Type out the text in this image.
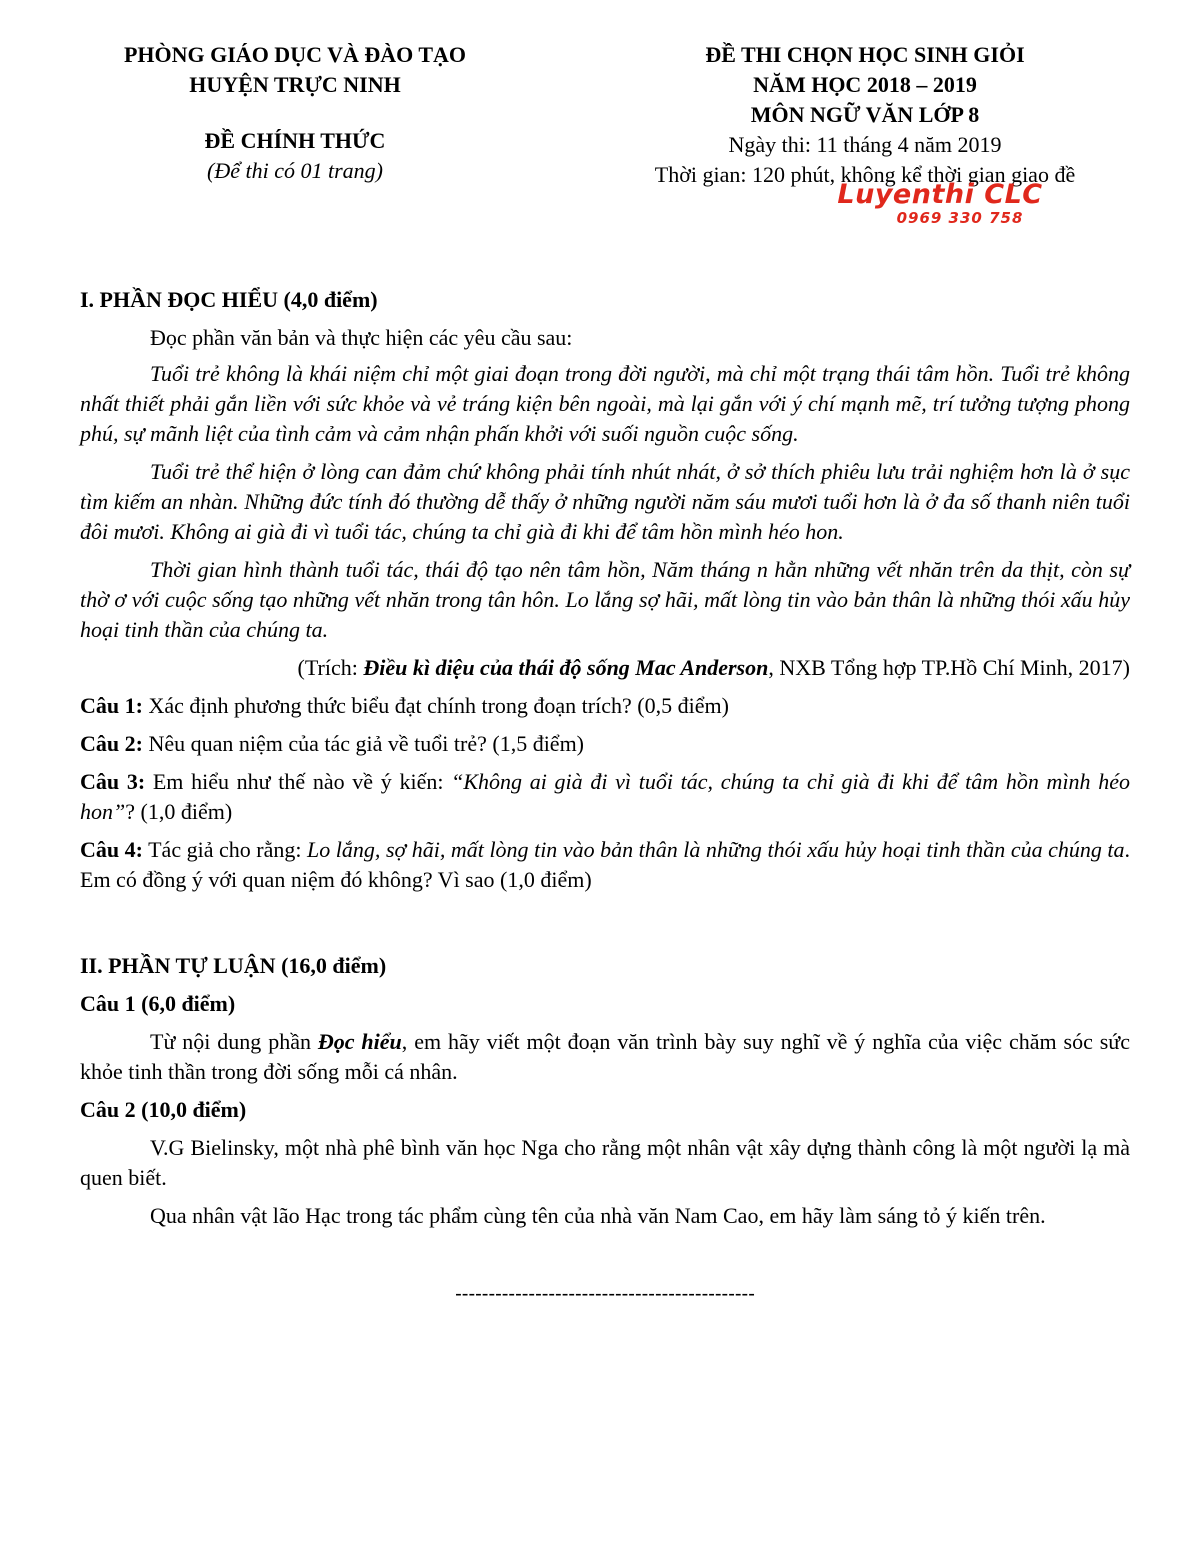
PHÒNG GIÁO DỤC VÀ ĐÀO TẠO
HUYỆN TRỰC NINH
ĐỀ CHÍNH THỨC
(Để thi có 01 trang)
ĐỀ THI CHỌN HỌC SINH GIỎI
NĂM HỌC 2018 – 2019
MÔN NGỮ VĂN LỚP 8
Ngày thi: 11 tháng 4 năm 2019
Thời gian: 120 phút, không kể thời gian giao đề
Luyenthi CLC
0969 330 758
I. PHẦN ĐỌC HIỂU (4,0 điểm)

Đọc phần văn bản và thực hiện các yêu cầu sau:

Tuổi trẻ không là khái niệm chỉ một giai đoạn trong đời người, mà chỉ một trạng thái tâm hồn. Tuổi trẻ không nhất thiết phải gắn liền với sức khỏe và vẻ tráng kiện bên ngoài, mà lại gắn với ý chí mạnh mẽ, trí tưởng tượng phong phú, sự mãnh liệt của tình cảm và cảm nhận phấn khởi với suối nguồn cuộc sống.

Tuổi trẻ thể hiện ở lòng can đảm chứ không phải tính nhút nhát, ở sở thích phiêu lưu trải nghiệm hơn là ở sục tìm kiếm an nhàn. Những đức tính đó thường dễ thấy ở những người năm sáu mươi tuổi hơn là ở đa số thanh niên tuổi đôi mươi. Không ai già đi vì tuổi tác, chúng ta chỉ già đi khi để tâm hồn mình héo hon.

Thời gian hình thành tuổi tác, thái độ tạo nên tâm hồn, Năm tháng n hằn những vết nhăn trên da thịt, còn sự thờ ơ với cuộc sống tạo những vết nhăn trong tân hôn. Lo lắng sợ hãi, mất lòng tin vào bản thân là những thói xấu hủy hoại tinh thần của chúng ta.

(Trích: Điều kì diệu của thái độ sống Mac Anderson, NXB Tổng hợp TP.Hồ Chí Minh, 2017)

Câu 1: Xác định phương thức biểu đạt chính trong đoạn trích? (0,5 điểm)

Câu 2: Nêu quan niệm của tác giả về tuổi trẻ? (1,5 điểm)

Câu 3: Em hiểu như thế nào về ý kiến: “Không ai già đi vì tuổi tác, chúng ta chỉ già đi khi để tâm hồn mình héo hon”? (1,0 điểm)

Câu 4: Tác giả cho rằng: Lo lắng, sợ hãi, mất lòng tin vào bản thân là những thói xấu hủy hoại tinh thần của chúng ta. Em có đồng ý với quan niệm đó không? Vì sao (1,0 điểm)

II. PHẦN TỰ LUẬN (16,0 điểm)
Câu 1 (6,0 điểm)

Từ nội dung phần Đọc hiểu, em hãy viết một đoạn văn trình bày suy nghĩ về ý nghĩa của việc chăm sóc sức khỏe tinh thần trong đời sống mỗi cá nhân.

Câu 2 (10,0 điểm)

V.G Bielinsky, một nhà phê bình văn học Nga cho rằng một nhân vật xây dựng thành công là một người lạ mà quen biết.

Qua nhân vật lão Hạc trong tác phẩm cùng tên của nhà văn Nam Cao, em hãy làm sáng tỏ ý kiến trên.

---------------------------------------------
